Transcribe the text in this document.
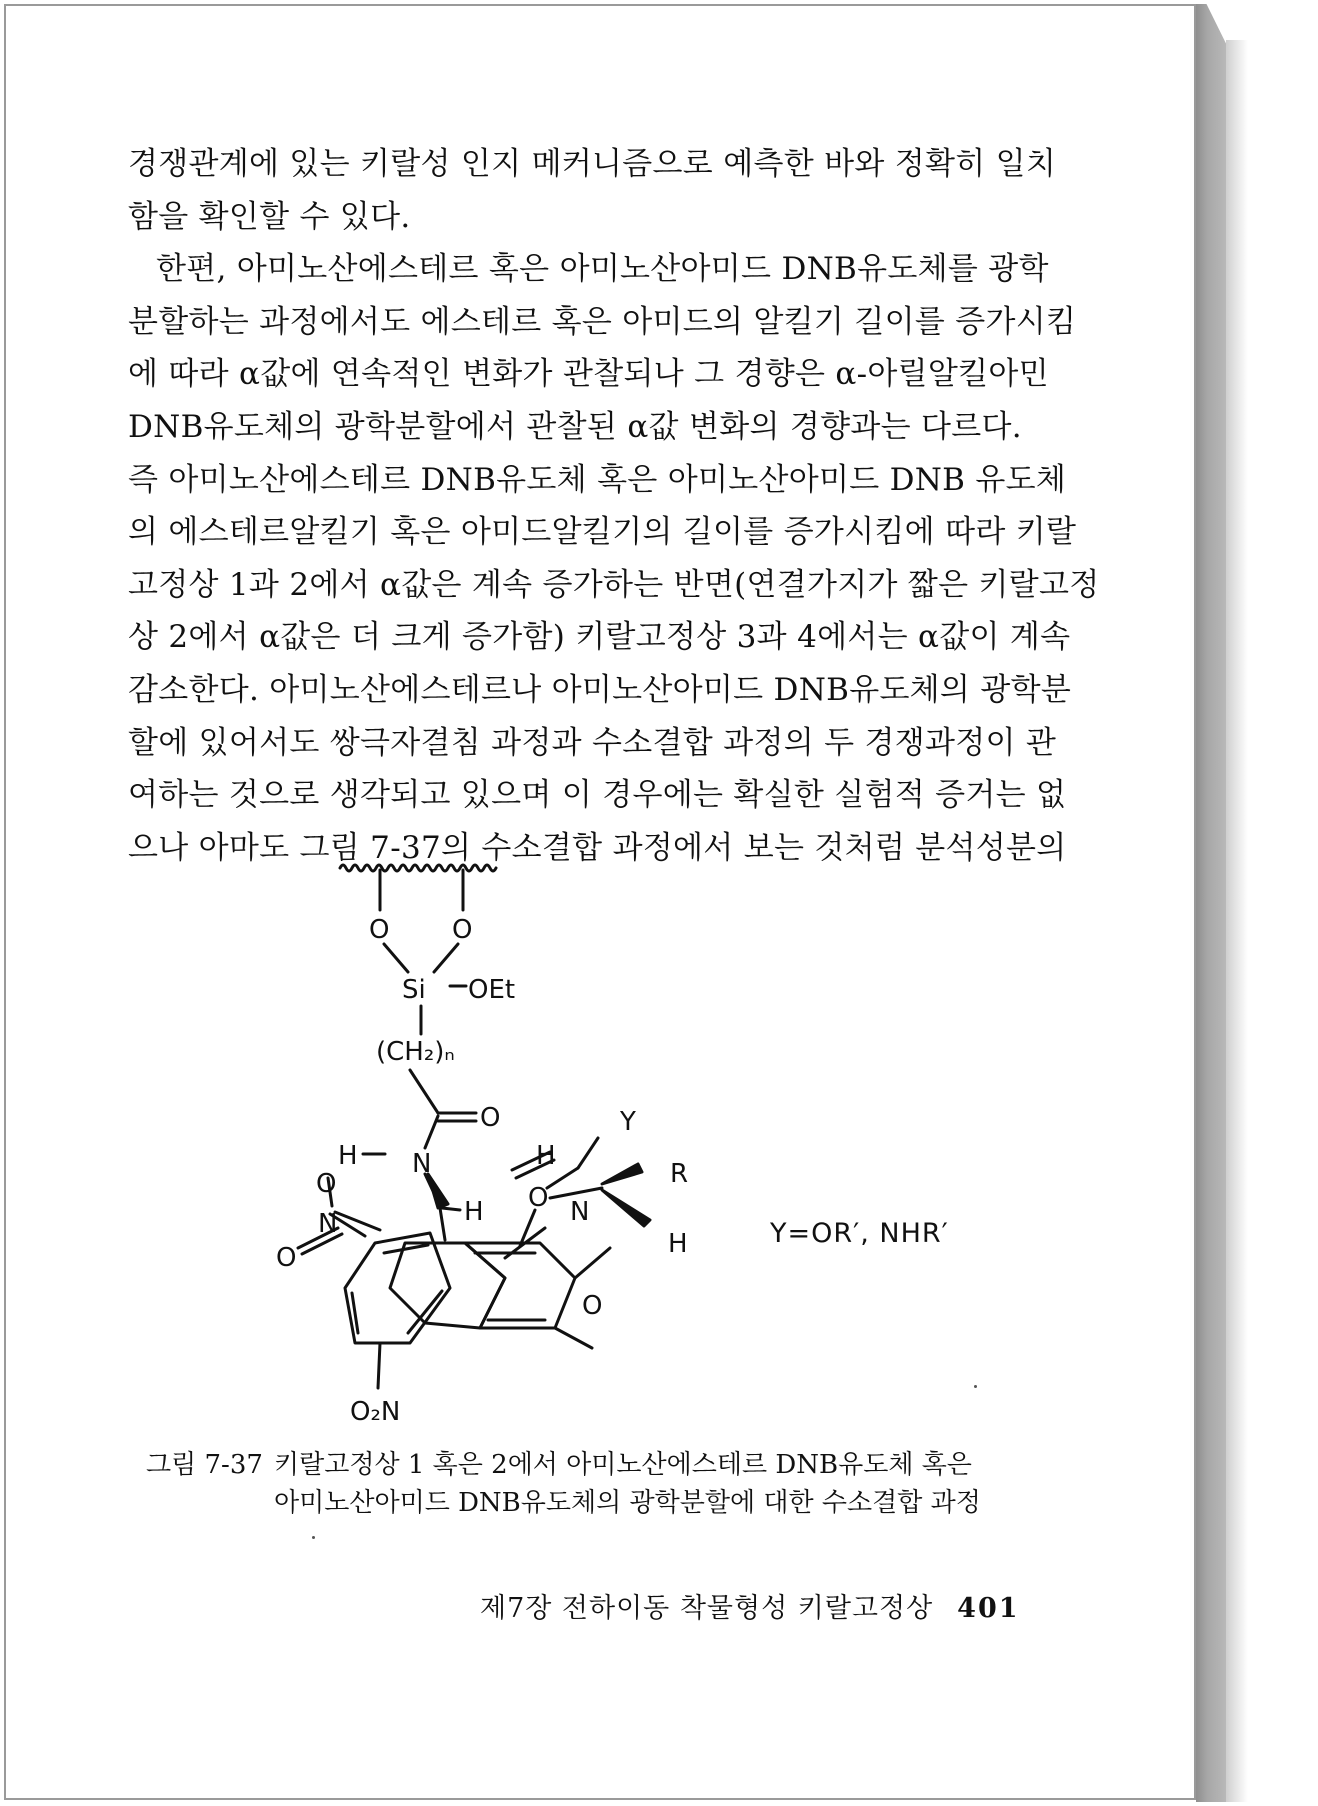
경쟁관계에 있는 키랄성 인지 메커니즘으로 예측한 바와 정확히 일치
함을 확인할 수 있다.
한편, 아미노산에스테르 혹은 아미노산아미드 DNB유도체를 광학
분할하는 과정에서도 에스테르 혹은 아미드의 알킬기 길이를 증가시킴
에 따라 α값에 연속적인 변화가 관찰되나 그 경향은 α-아릴알킬아민
DNB유도체의 광학분할에서 관찰된 α값 변화의 경향과는 다르다.
즉 아미노산에스테르 DNB유도체 혹은 아미노산아미드 DNB 유도체
의 에스테르알킬기 혹은 아미드알킬기의 길이를 증가시킴에 따라 키랄
고정상 1과 2에서 α값은 계속 증가하는 반면(연결가지가 짧은 키랄고정
상 2에서 α값은 더 크게 증가함) 키랄고정상 3과 4에서는 α값이 계속
감소한다. 아미노산에스테르나 아미노산아미드 DNB유도체의 광학분
할에 있어서도 쌍극자결침 과정과 수소결합 과정의 두 경쟁과정이 관
여하는 것으로 생각되고 있으며 이 경우에는 확실한 실험적 증거는 없
으나 아마도 그림 7-37의 수소결합 과정에서 보는 것처럼 분석성분의
O O
Si OEt
(CH₂)ₙ
O
H N
H
O
N
O
O₂N
H
O N
Y
R
H
O
Y=OR′, NHR′
그림 7-37 키랄고정상 1 혹은 2에서 아미노산에스테르 DNB유도체 혹은
아미노산아미드 DNB유도체의 광학분할에 대한 수소결합 과정
제7장 전하이동 착물형성 키랄고정상 401
